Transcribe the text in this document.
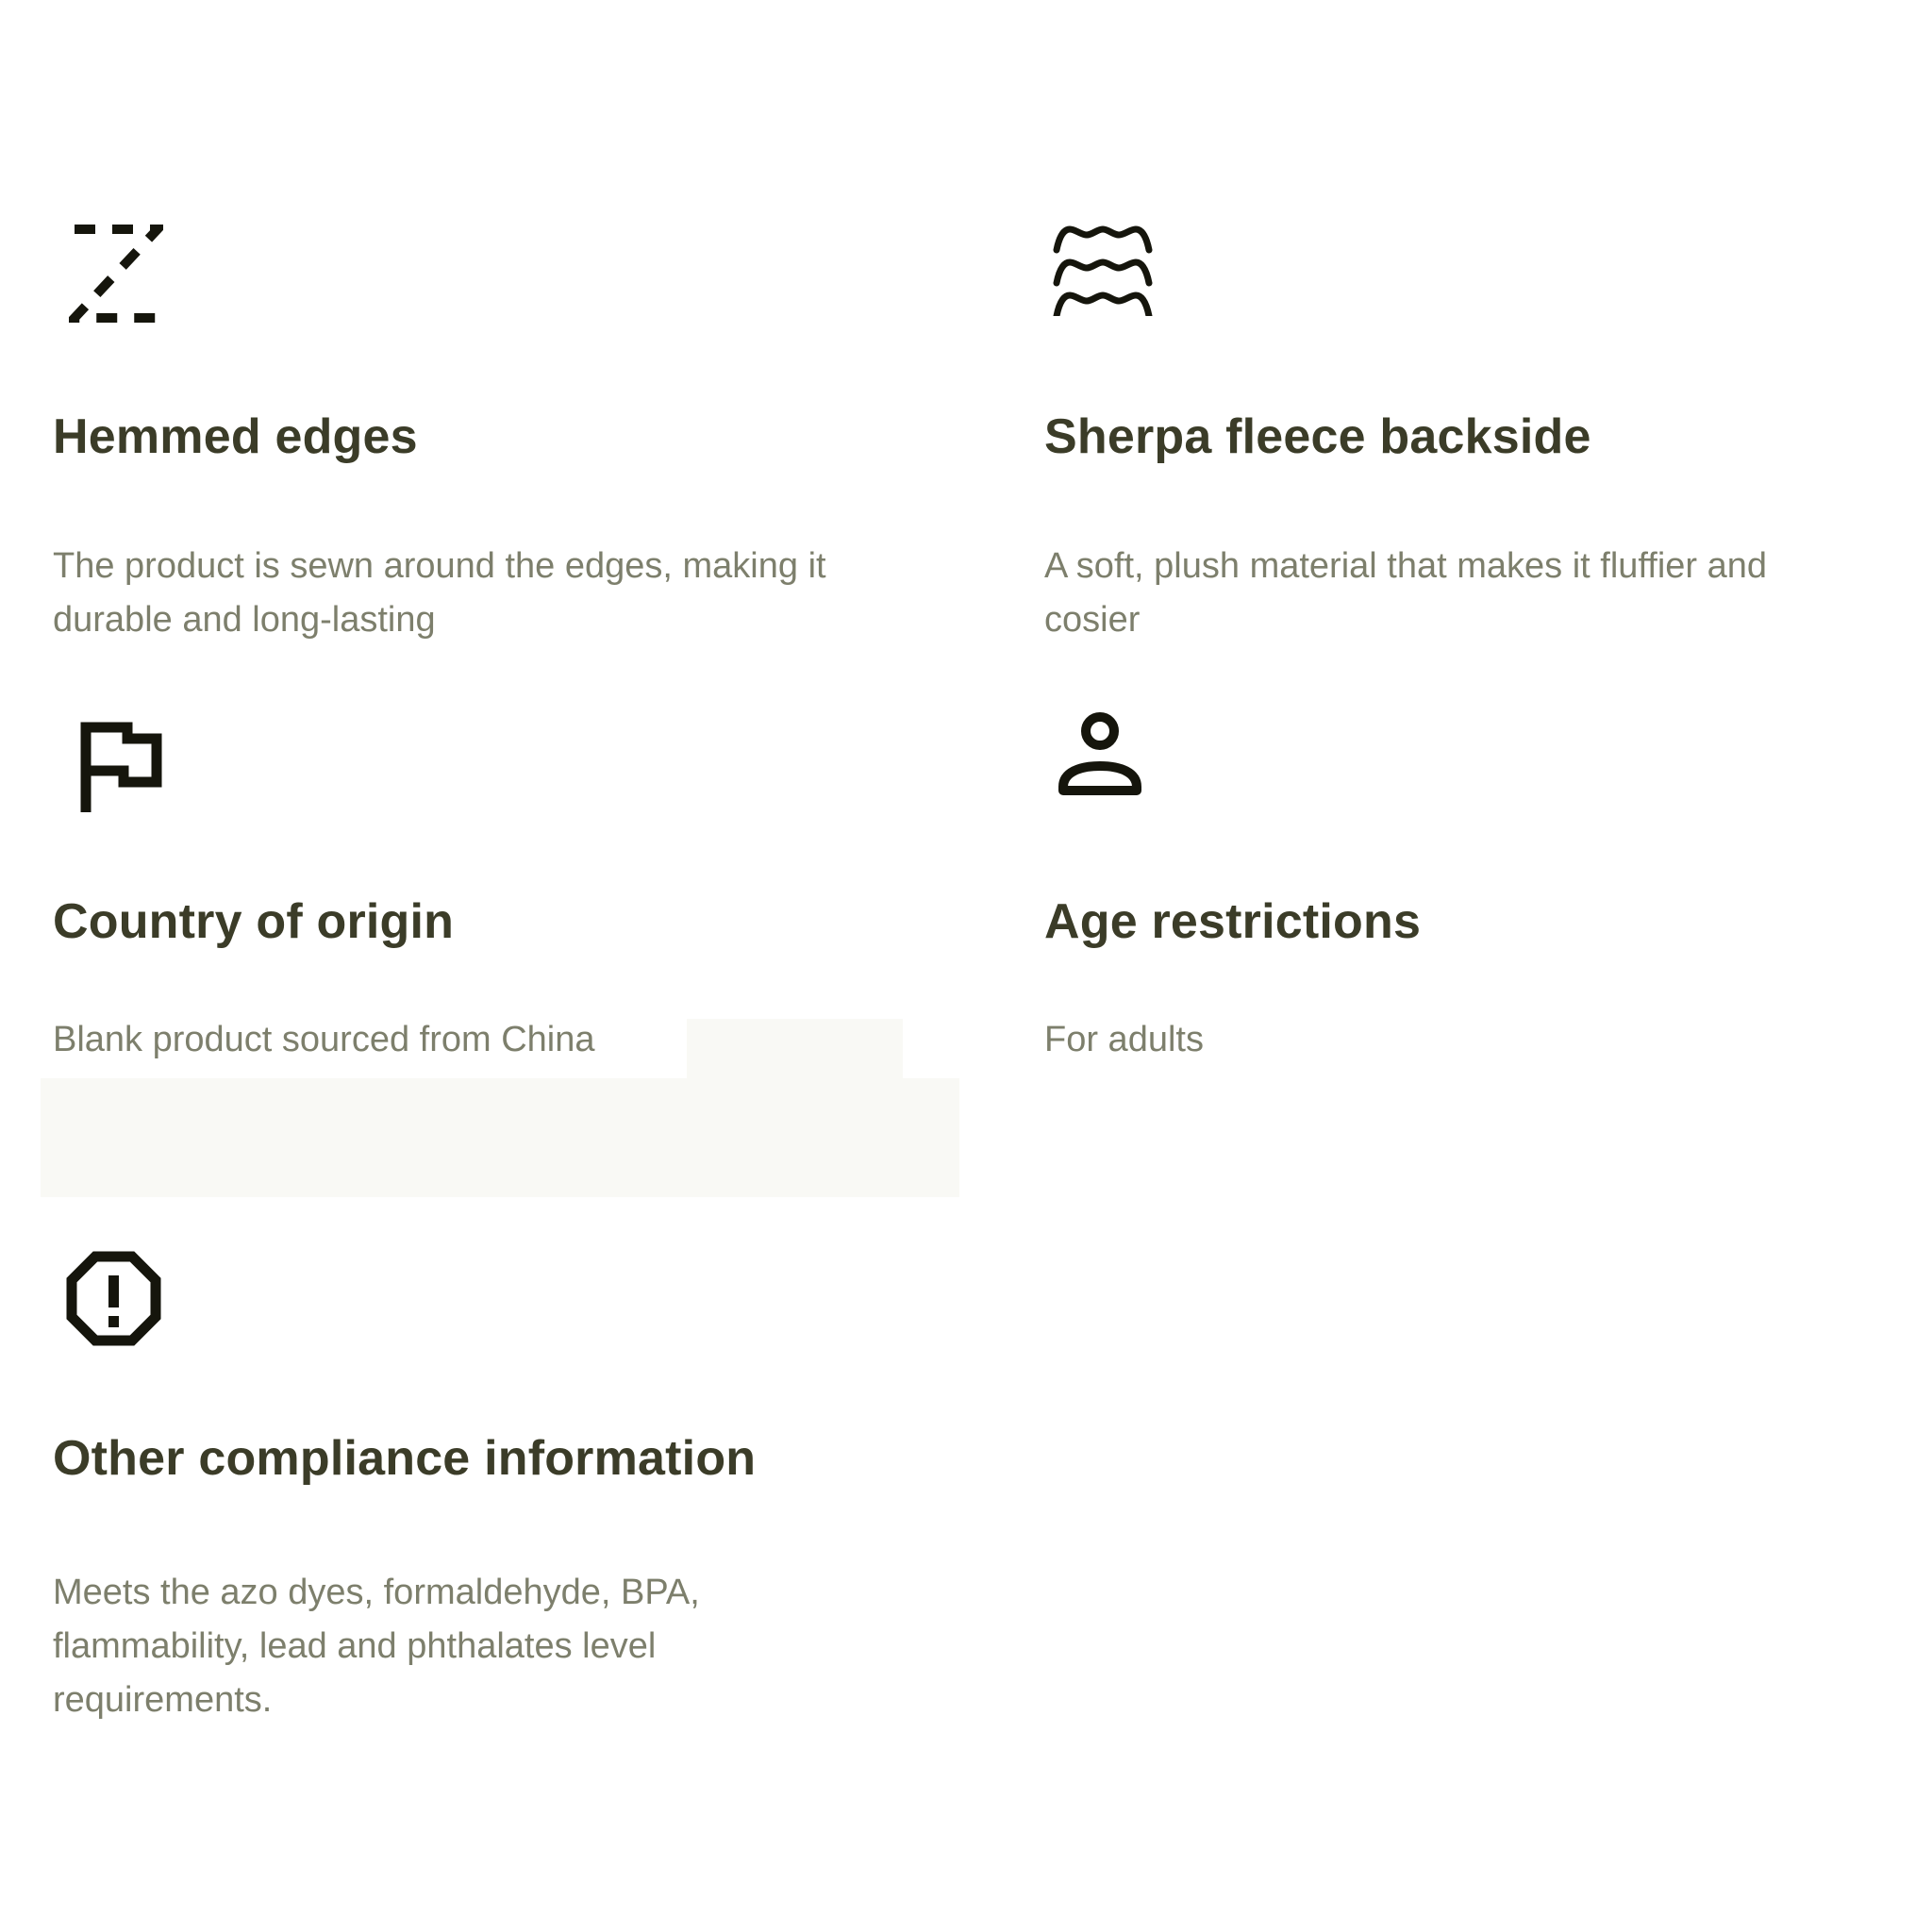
Hemmed edges

The product is sewn around the edges, making it durable and long-lasting

Sherpa fleece backside

A soft, plush material that makes it fluffier and cosier

Country of origin

Blank product sourced from China

Age restrictions

For adults

Other compliance information

Meets the azo dyes, formaldehyde, BPA, flammability, lead and phthalates level requirements.
